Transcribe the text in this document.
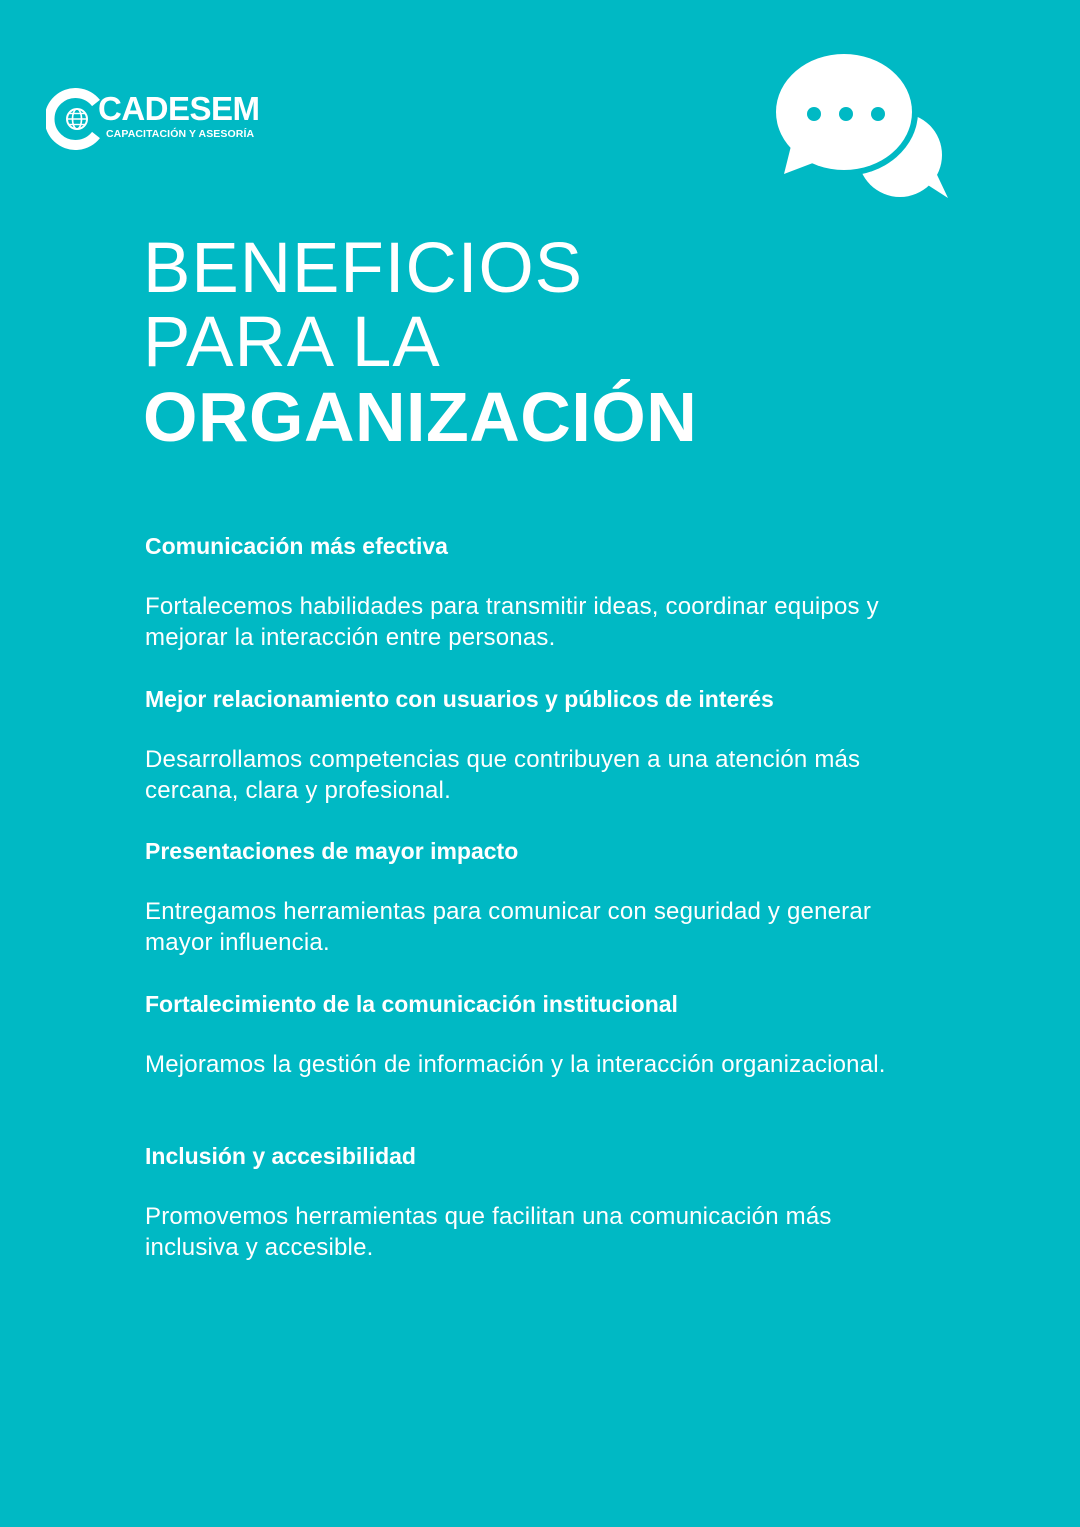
CADESEM
CAPACITACIÓN Y ASESORÍA
BENEFICIOS
PARA LA
ORGANIZACIÓN
Comunicación más efectiva

Fortalecemos habilidades para transmitir ideas, coordinar equipos y mejorar la interacción entre personas.

Mejor relacionamiento con usuarios y públicos de interés

Desarrollamos competencias que contribuyen a una atención más cercana, clara y profesional.

Presentaciones de mayor impacto

Entregamos herramientas para comunicar con seguridad y generar mayor influencia.

Fortalecimiento de la comunicación institucional

Mejoramos la gestión de información y la interacción organizacional.

Inclusión y accesibilidad

Promovemos herramientas que facilitan una comunicación más inclusiva y accesible.
